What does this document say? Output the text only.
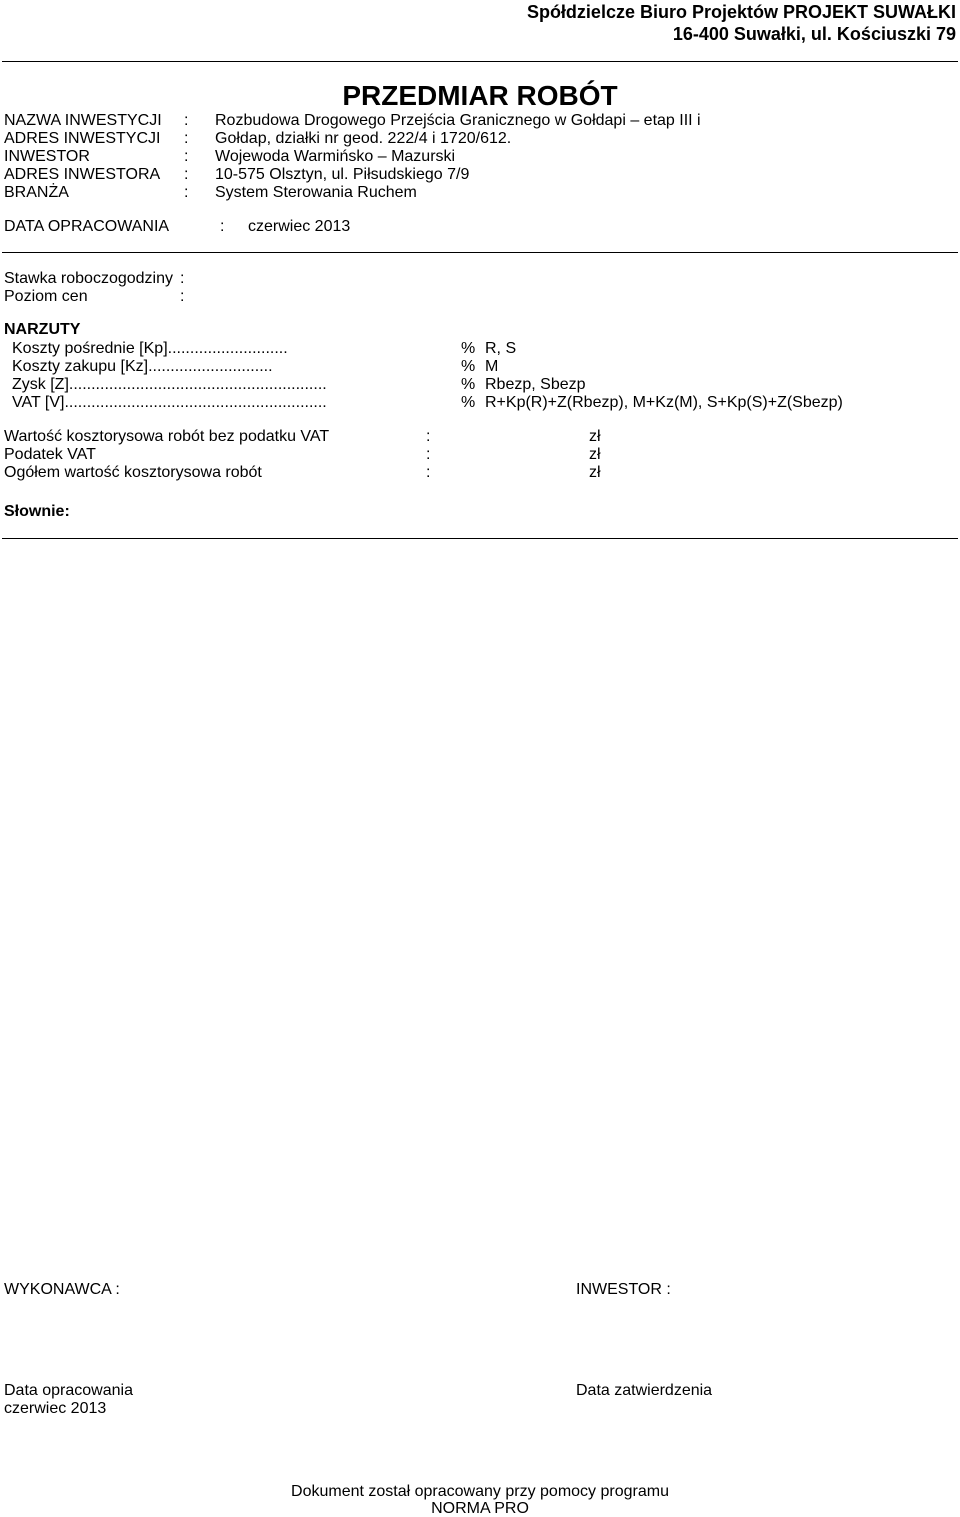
Spółdzielcze Biuro Projektów PROJEKT SUWAŁKI
16-400 Suwałki, ul. Kościuszki 79
PRZEDMIAR ROBÓT
NAZWA INWESTYCJI : Rozbudowa Drogowego Przejścia Granicznego w Gołdapi – etap III i
ADRES INWESTYCJI : Gołdap, działki nr geod. 222/4 i 1720/612.
INWESTOR	: Wojewoda Warmińsko – Mazurski
ADRES INWESTORA : 10-575 Olsztyn, ul. Piłsudskiego 7/9
BRANŻA	: System Sterowania Ruchem
DATA OPRACOWANIA	: czerwiec 2013
Stawka roboczogodziny :
Poziom cen	:
NARZUTY
Koszty pośrednie [Kp]...........................	% R, S
Koszty zakupu [Kz]............................	% M
Zysk [Z]..........................................................	% Rbezp, Sbezp
VAT [V]...........................................................	% R+Kp(R)+Z(Rbezp), M+Kz(M), S+Kp(S)+Z(Sbezp)
Wartość kosztorysowa robót bez podatku VAT	:	zł
Podatek VAT	:	zł
Ogółem wartość kosztorysowa robót	:	zł
Słownie:
WYKONAWCA :	INWESTOR :
Data opracowania	Data zatwierdzenia
czerwiec 2013
Dokument został opracowany przy pomocy programu
NORMA PRO
